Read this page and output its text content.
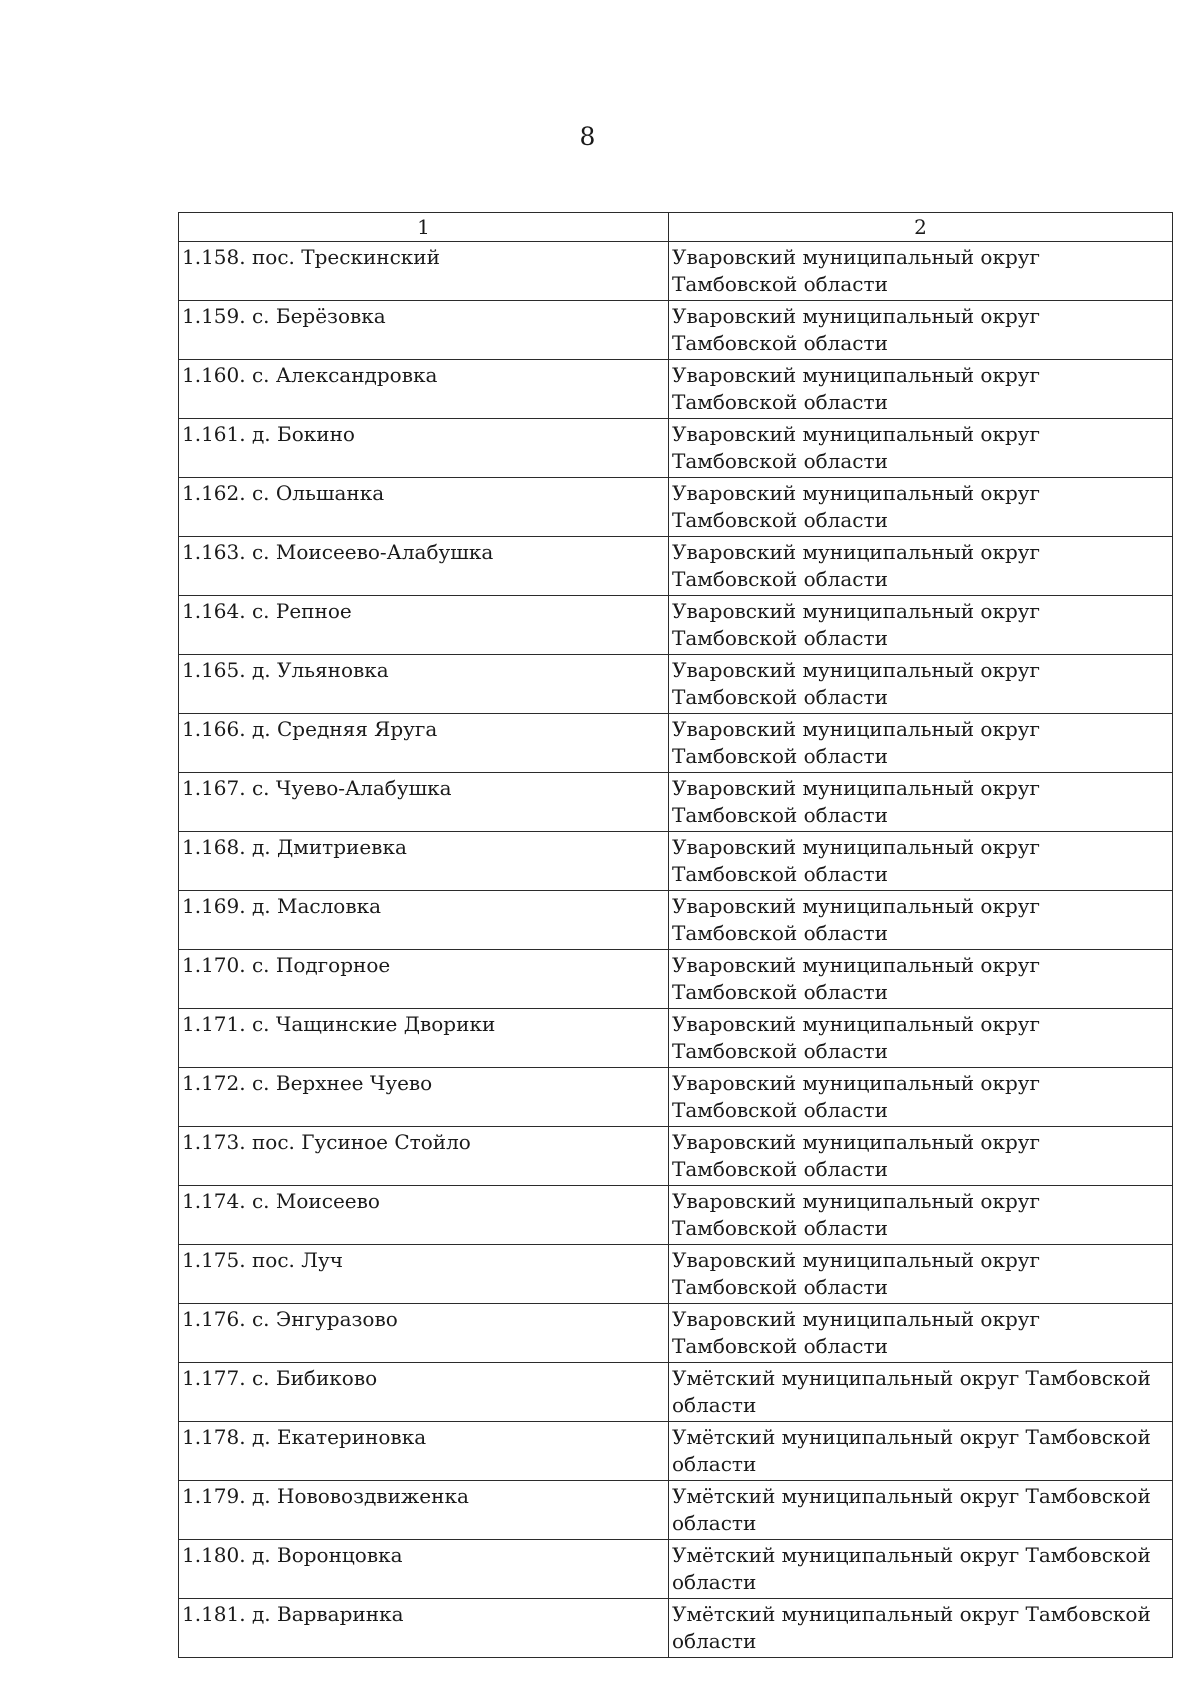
8
1	2
1.158. пос. Трескинский	Уваровский муниципальный округ Тамбовской области
1.159. с. Берёзовка	Уваровский муниципальный округ Тамбовской области
1.160. с. Александровка	Уваровский муниципальный округ Тамбовской области
1.161. д. Бокино	Уваровский муниципальный округ Тамбовской области
1.162. с. Ольшанка	Уваровский муниципальный округ Тамбовской области
1.163. с. Моисеево-Алабушка	Уваровский муниципальный округ Тамбовской области
1.164. с. Репное	Уваровский муниципальный округ Тамбовской области
1.165. д. Ульяновка	Уваровский муниципальный округ Тамбовской области
1.166. д. Средняя Яруга	Уваровский муниципальный округ Тамбовской области
1.167. с. Чуево-Алабушка	Уваровский муниципальный округ Тамбовской области
1.168. д. Дмитриевка	Уваровский муниципальный округ Тамбовской области
1.169. д. Масловка	Уваровский муниципальный округ Тамбовской области
1.170. с. Подгорное	Уваровский муниципальный округ Тамбовской области
1.171. с. Чащинские Дворики	Уваровский муниципальный округ Тамбовской области
1.172. с. Верхнее Чуево	Уваровский муниципальный округ Тамбовской области
1.173. пос. Гусиное Стойло	Уваровский муниципальный округ Тамбовской области
1.174. с. Моисеево	Уваровский муниципальный округ Тамбовской области
1.175. пос. Луч	Уваровский муниципальный округ Тамбовской области
1.176. с. Энгуразово	Уваровский муниципальный округ Тамбовской области
1.177. с. Бибиково	Умётский муниципальный округ Тамбовской области
1.178. д. Екатериновка	Умётский муниципальный округ Тамбовской области
1.179. д. Нововоздвиженка	Умётский муниципальный округ Тамбовской области
1.180. д. Воронцовка	Умётский муниципальный округ Тамбовской области
1.181. д. Варваринка	Умётский муниципальный округ Тамбовской области
